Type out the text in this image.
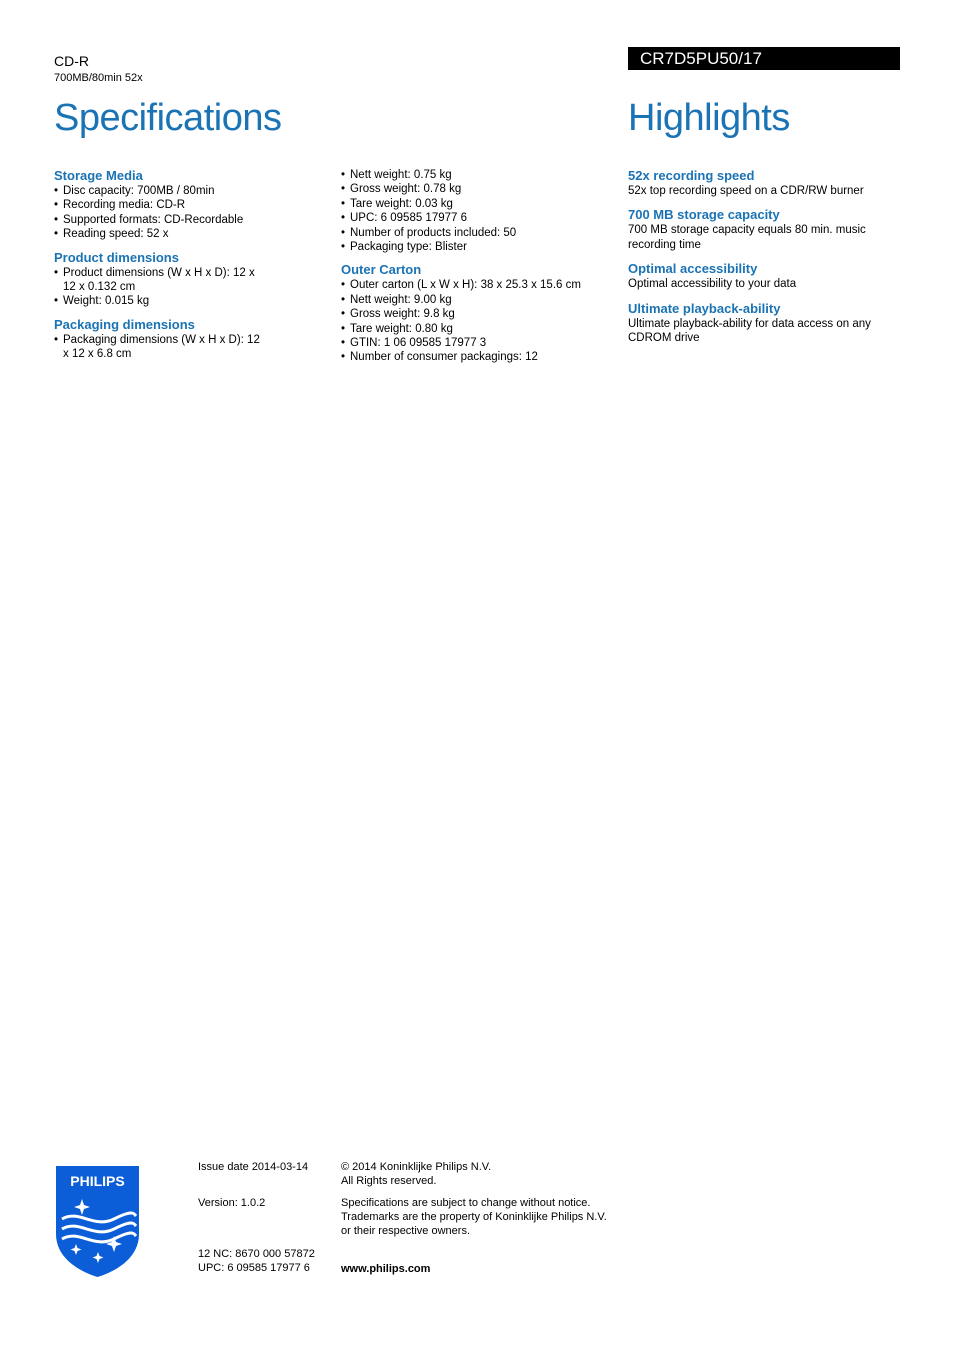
CD-R
700MB/80min 52x
Specifications
CR7D5PU50/17
Highlights
Storage Media
• Disc capacity: 700MB / 80min
• Recording media: CD-R
• Supported formats: CD-Recordable
• Reading speed: 52 x
Product dimensions
• Product dimensions (W x H x D): 12 x 12 x 0.132 cm
• Weight: 0.015 kg
Packaging dimensions
• Packaging dimensions (W x H x D): 12 x 12 x 6.8 cm
• Nett weight: 0.75 kg
• Gross weight: 0.78 kg
• Tare weight: 0.03 kg
• UPC: 6 09585 17977 6
• Number of products included: 50
• Packaging type: Blister
Outer Carton
• Outer carton (L x W x H): 38 x 25.3 x 15.6 cm
• Nett weight: 9.00 kg
• Gross weight: 9.8 kg
• Tare weight: 0.80 kg
• GTIN: 1 06 09585 17977 3
• Number of consumer packagings: 12
52x recording speed

52x top recording speed on a CDR/RW burner

700 MB storage capacity

700 MB storage capacity equals 80 min. music recording time

Optimal accessibility

Optimal accessibility to your data

Ultimate playback-ability

Ultimate playback-ability for data access on any CDROM drive

PHILIPS
Issue date 2014-03-14
Version: 1.0.2
12 NC: 8670 000 57872
UPC: 6 09585 17977 6
© 2014 Koninklijke Philips N.V.
All Rights reserved.
Specifications are subject to change without notice.
Trademarks are the property of Koninklijke Philips N.V.
or their respective owners.
www.philips.com
